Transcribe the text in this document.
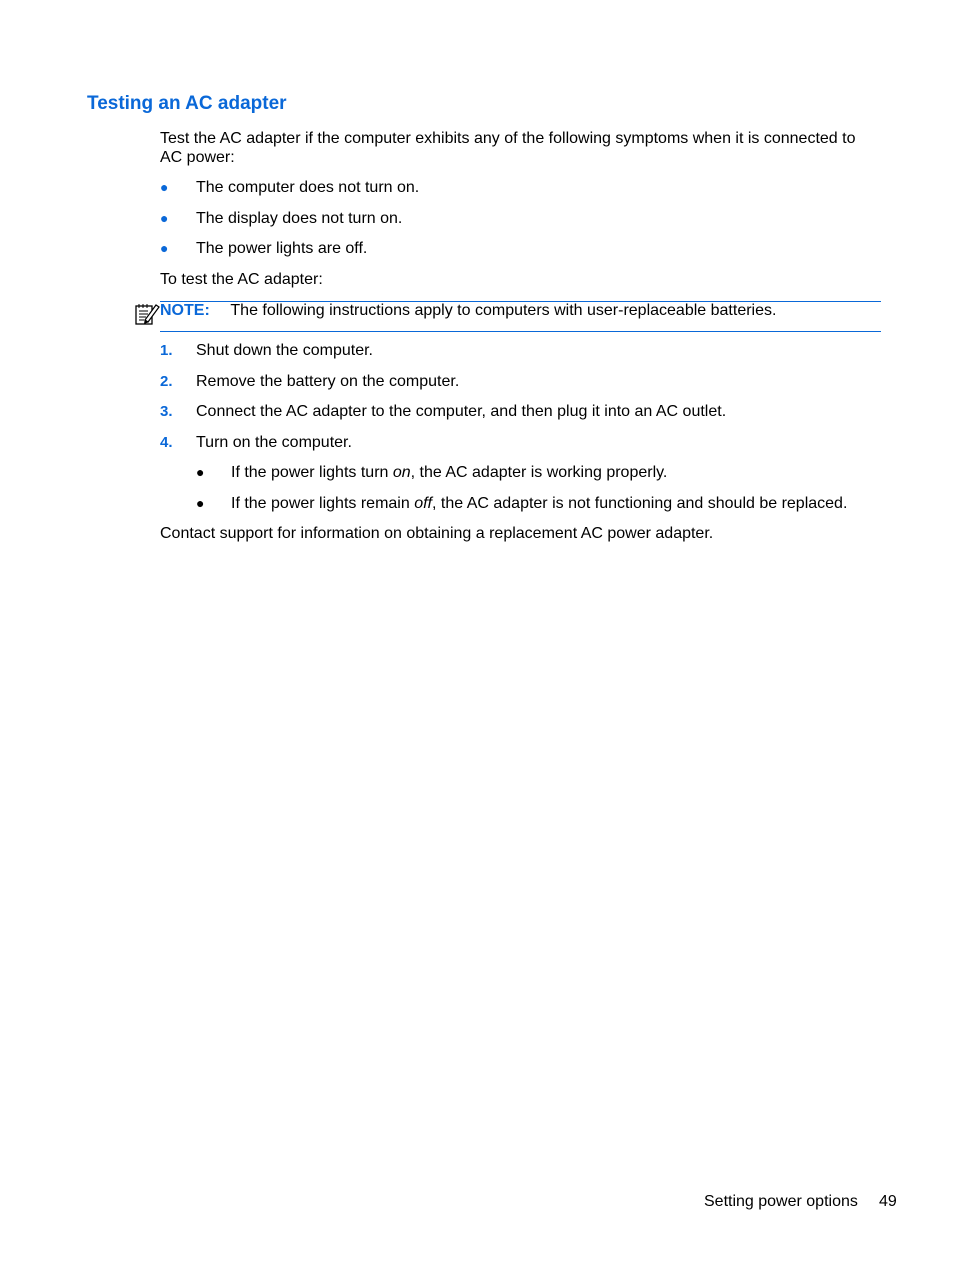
Testing an AC adapter
Test the AC adapter if the computer exhibits any of the following symptoms when it is connected to AC power:
● The computer does not turn on.
● The display does not turn on.
● The power lights are off.
To test the AC adapter:
NOTE: The following instructions apply to computers with user-replaceable batteries.
1. Shut down the computer.
2. Remove the battery on the computer.
3. Connect the AC adapter to the computer, and then plug it into an AC outlet.
4. Turn on the computer.
● If the power lights turn on, the AC adapter is working properly.
● If the power lights remain off, the AC adapter is not functioning and should be replaced.
Contact support for information on obtaining a replacement AC power adapter.
Setting power options 49
